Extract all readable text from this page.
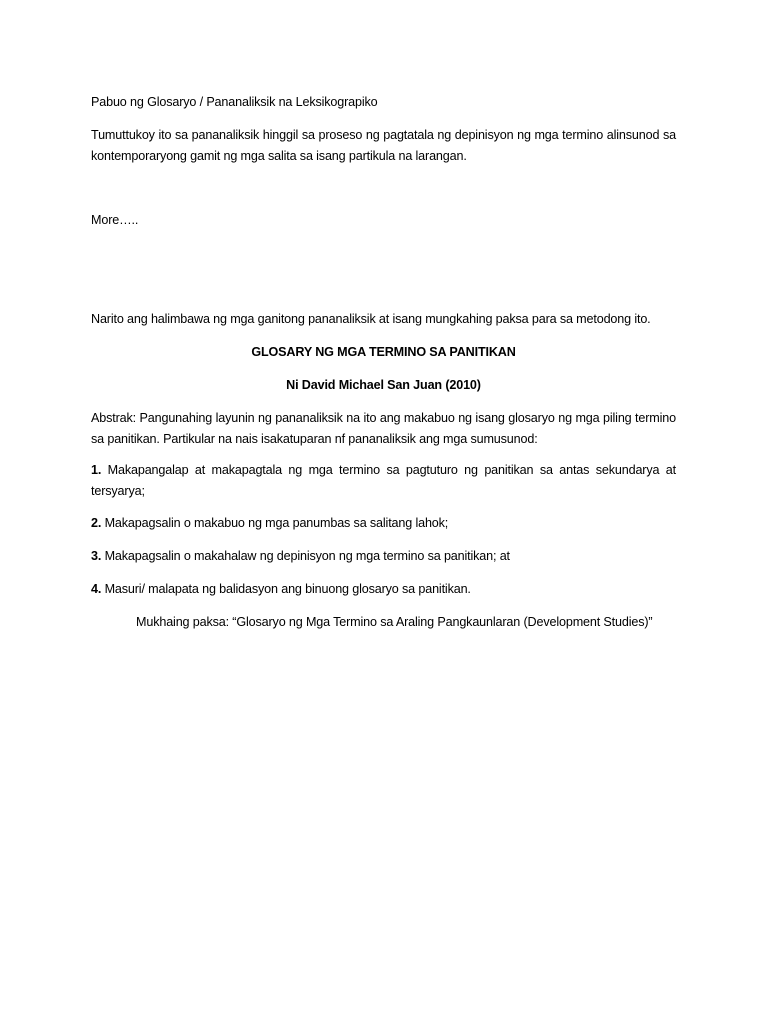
Pabuo ng Glosaryo / Pananaliksik na Leksikograpiko

Tumuttukoy ito sa pananaliksik hinggil sa proseso ng pagtatala ng depinisyon ng mga termino alinsunod sa kontemporaryong gamit ng mga salita sa isang partikula na larangan.

More…..

Narito ang halimbawa ng mga ganitong pananaliksik at isang mungkahing paksa para sa metodong ito.

GLOSARY NG MGA TERMINO SA PANITIKAN

Ni David Michael San Juan (2010)

Abstrak: Pangunahing layunin ng pananaliksik na ito ang makabuo ng isang glosaryo ng mga piling termino sa panitikan. Partikular na nais isakatuparan nf pananaliksik ang mga sumusunod:

1. Makapangalap at makapagtala ng mga termino sa pagtuturo ng panitikan sa antas sekundarya at tersyarya;

2. Makapagsalin o makabuo ng mga panumbas sa salitang lahok;

3. Makapagsalin o makahalaw ng depinisyon ng mga termino sa panitikan; at

4. Masuri/ malapata ng balidasyon ang binuong glosaryo sa panitikan.

Mukhaing paksa: “Glosaryo ng Mga Termino sa Araling Pangkaunlaran (Development Studies)”
